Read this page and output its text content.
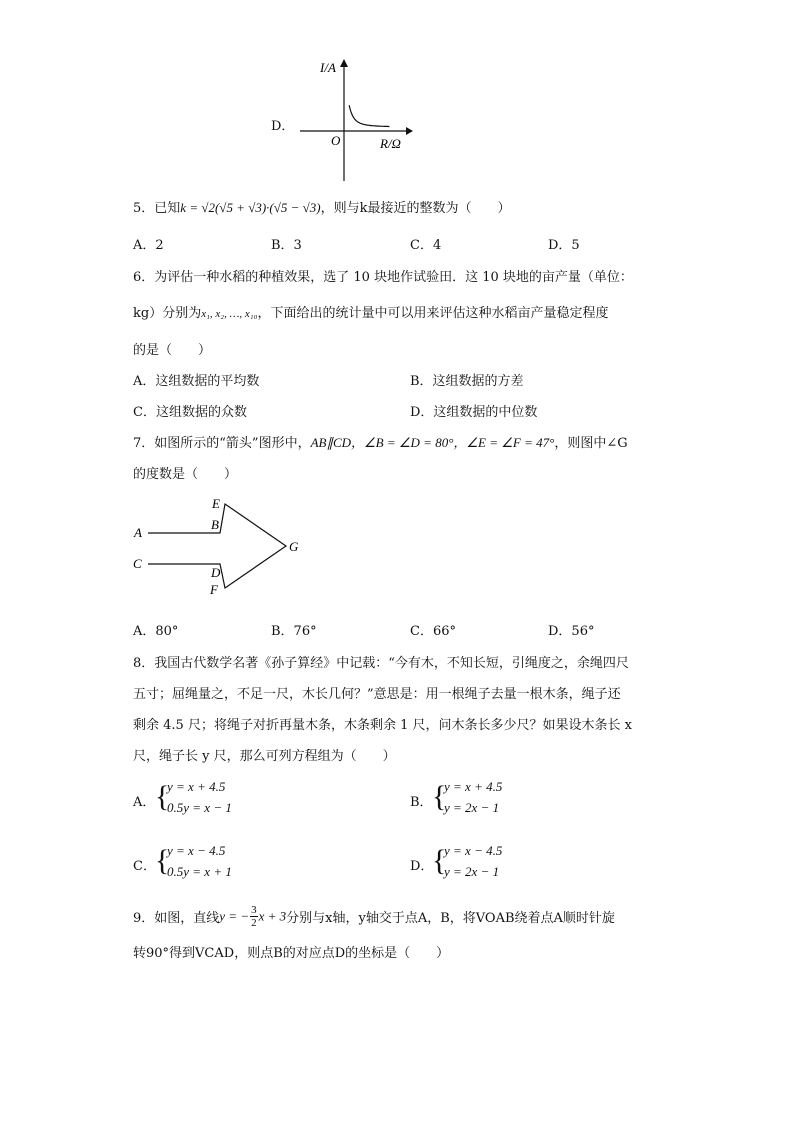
D．
I/A
R/Ω
O
5．已知k = √2(√5 + √3)·(√5 − √3)，则与k最接近的整数为（　　）
A．2	B．3	C．4	D．5
6．为评估一种水稻的种植效果，选了 10 块地作试验田．这 10 块地的亩产量（单位：
kg）分别为x₁, x₂, …, x₁₀，下面给出的统计量中可以用来评估这种水稻亩产量稳定程度
的是（　　）
A．这组数据的平均数	B．这组数据的方差
C．这组数据的众数	D．这组数据的中位数
7．如图所示的“箭头”图形中，AB∥CD，∠B = ∠D = 80°，∠E = ∠F = 47°，则图中∠G
的度数是（　　）
E
B
A
C
D
F
G
A．80°	B．76°	C．66°	D．56°
8．我国古代数学名著《孙子算经》中记载：“今有木，不知长短，引绳度之，余绳四尺
五寸；屈绳量之，不足一尺，木长几何？”意思是：用一根绳子去量一根木条，绳子还
剩余 4.5 尺；将绳子对折再量木条，木条剩余 1 尺，问木条长多少尺？如果设木条长 x
尺，绳子长 y 尺，那么可列方程组为（　　）
A． {
y = x + 4.5
0.5y = x − 1	B． {
y = x + 4.5
y = 2x − 1
C． {
y = x − 4.5
0.5y = x + 1	D．
{
y = x − 4.5
y = 2x − 1
9．如图，直线y = − $\frac{3}{2}$ x + 3分别与x轴，y轴交于点A，B，将VOAB绕着点A顺时针旋
转90°得到VCAD，则点B的对应点D的坐标是（　　）
